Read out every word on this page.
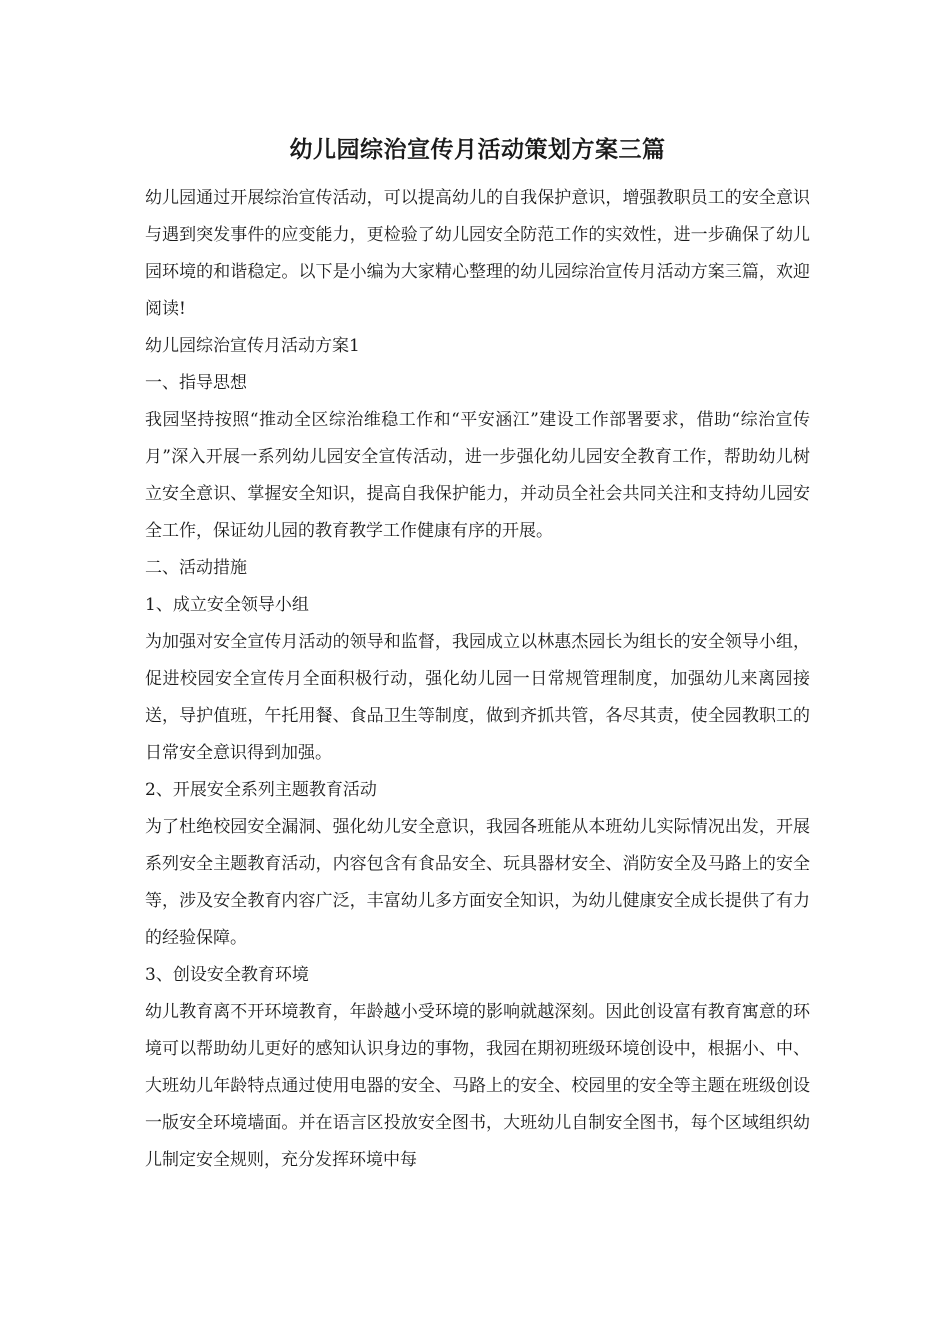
幼儿园综治宣传月活动策划方案三篇

幼儿园通过开展综治宣传活动，可以提高幼儿的自我保护意识，增强教职员工的安全意识与遇到突发事件的应变能力，更检验了幼儿园安全防范工作的实效性，进一步确保了幼儿园环境的和谐稳定。以下是小编为大家精心整理的幼儿园综治宣传月活动方案三篇，欢迎阅读!

幼儿园综治宣传月活动方案1

一、指导思想

我园坚持按照“推动全区综治维稳工作和“平安涵江”建设工作部署要求，借助“综治宣传月”深入开展一系列幼儿园安全宣传活动，进一步强化幼儿园安全教育工作，帮助幼儿树立安全意识、掌握安全知识，提高自我保护能力，并动员全社会共同关注和支持幼儿园安全工作，保证幼儿园的教育教学工作健康有序的开展。

二、活动措施

1、成立安全领导小组

为加强对安全宣传月活动的领导和监督，我园成立以林惠杰园长为组长的安全领导小组，促进校园安全宣传月全面积极行动，强化幼儿园一日常规管理制度，加强幼儿来离园接送，导护值班，午托用餐、食品卫生等制度，做到齐抓共管，各尽其责，使全园教职工的日常安全意识得到加强。

2、开展安全系列主题教育活动

为了杜绝校园安全漏洞、强化幼儿安全意识，我园各班能从本班幼儿实际情况出发，开展系列安全主题教育活动，内容包含有食品安全、玩具器材安全、消防安全及马路上的安全等，涉及安全教育内容广泛，丰富幼儿多方面安全知识，为幼儿健康安全成长提供了有力的经验保障。

3、创设安全教育环境

幼儿教育离不开环境教育，年龄越小受环境的影响就越深刻。因此创设富有教育寓意的环境可以帮助幼儿更好的感知认识身边的事物，我园在期初班级环境创设中，根据小、中、大班幼儿年龄特点通过使用电器的安全、马路上的安全、校园里的安全等主题在班级创设一版安全环境墙面。并在语言区投放安全图书，大班幼儿自制安全图书，每个区域组织幼儿制定安全规则，充分发挥环境中每
